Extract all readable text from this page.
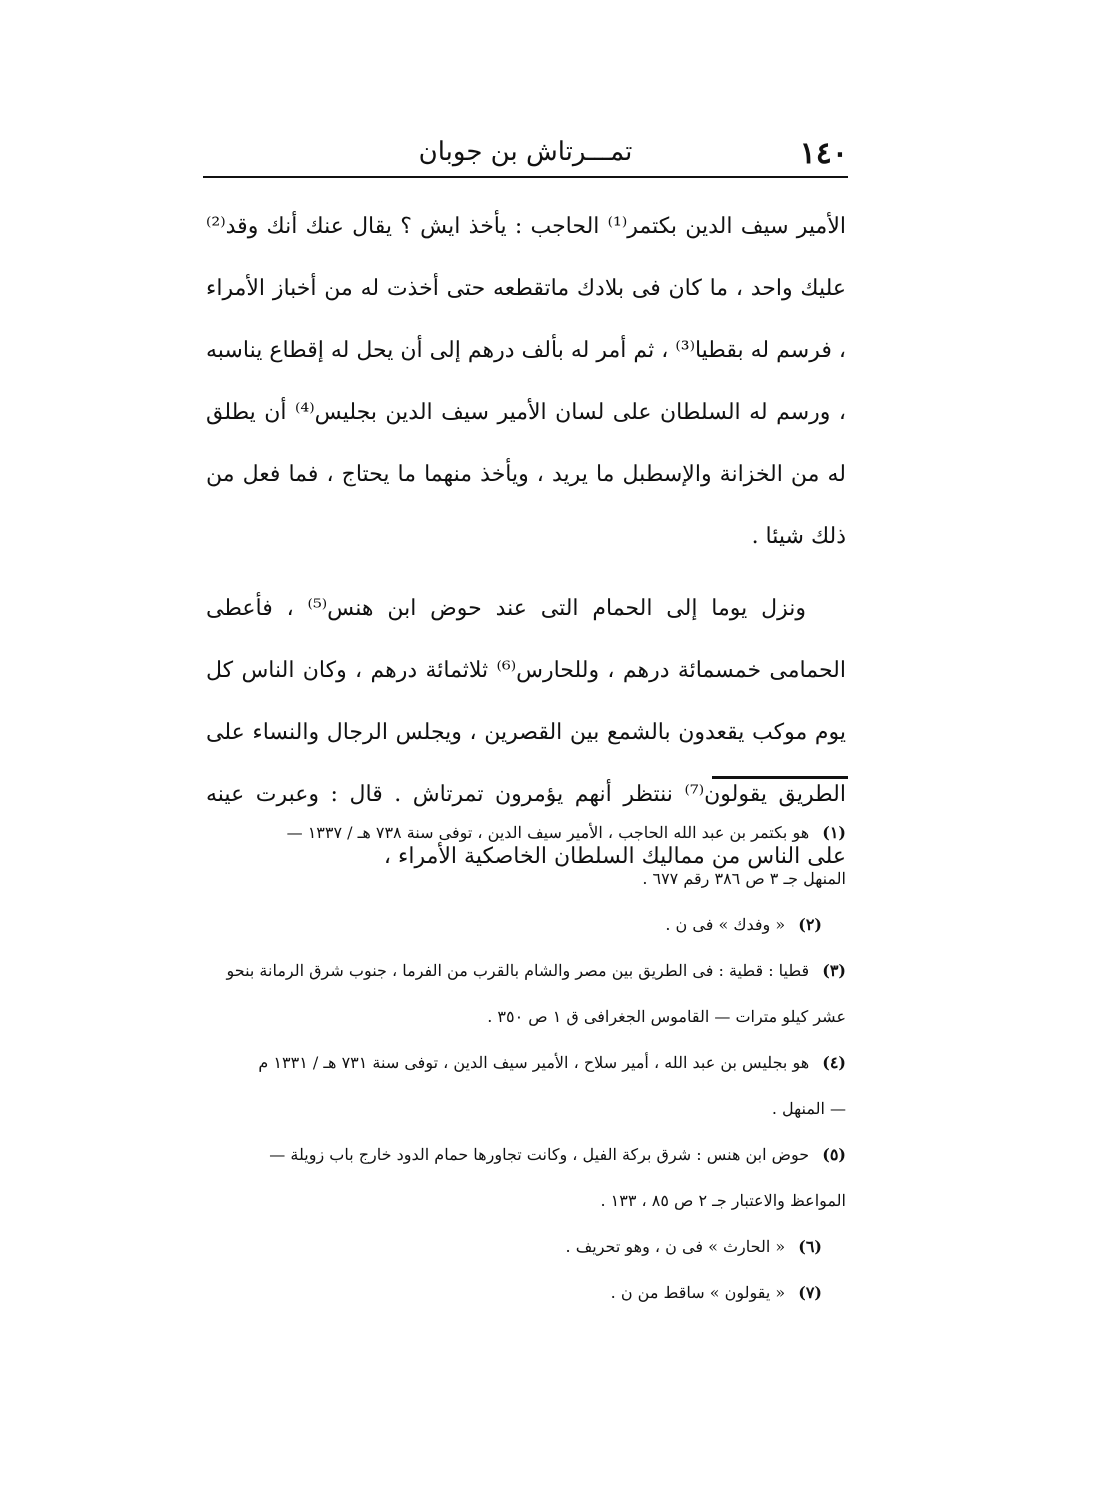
١٤٠
تمـــرتاش بن جوبان

الأمير سيف الدين بكتمر⁽¹⁾ الحاجب : يأخذ ايش ؟ يقال عنك أنك وقد⁽²⁾ عليك واحد ، ما كان فى بلادك ماتقطعه حتى أخذت له من أخباز الأمراء ، فرسم له بقطيا⁽³⁾ ، ثم أمر له بألف درهم إلى أن يحل له إقطاع يناسبه ، ورسم له السلطان على لسان الأمير سيف الدين بجليس⁽⁴⁾ أن يطلق له من الخزانة والإسطبل ما يريد ، ويأخذ منهما ما يحتاج ، فما فعل من ذلك شيئا .

ونزل يوما إلى الحمام التى عند حوض ابن هنس⁽⁵⁾ ، فأعطى الحمامى خمسمائة درهم ، وللحارس⁽⁶⁾ ثلاثمائة درهم ، وكان الناس كل يوم موكب يقعدون بالشمع بين القصرين ، ويجلس الرجال والنساء على الطريق يقولون⁽⁷⁾ ننتظر أنهم يؤمرون تمرتاش . قال : وعبرت عينه على الناس من مماليك السلطان الخاصكية الأمراء ،

(١) هو بكتمر بن عبد الله الحاجب ، الأمير سيف الدين ، توفى سنة ٧٣٨ هـ / ١٣٣٧ —
المنهل جـ ٣ ص ٣٨٦ رقم ٦٧٧ .

(٢) « وفدك » فى ن .

(٣) قطيا : قطية : فى الطريق بين مصر والشام بالقرب من الفرما ، جنوب شرق الرمانة بنحو
عشر كيلو مترات — القاموس الجغرافى ق ١ ص ٣٥٠ .

(٤) هو بجليس بن عبد الله ، أمير سلاح ، الأمير سيف الدين ، توفى سنة ٧٣١ هـ / ١٣٣١ م
— المنهل .

(٥) حوض ابن هنس : شرق بركة الفيل ، وكانت تجاورها حمام الدود خارج باب زويلة —
المواعظ والاعتبار جـ ٢ ص ٨٥ ، ١٣٣ .

(٦) « الحارث » فى ن ، وهو تحريف .

(٧) « يقولون » ساقط من ن .
